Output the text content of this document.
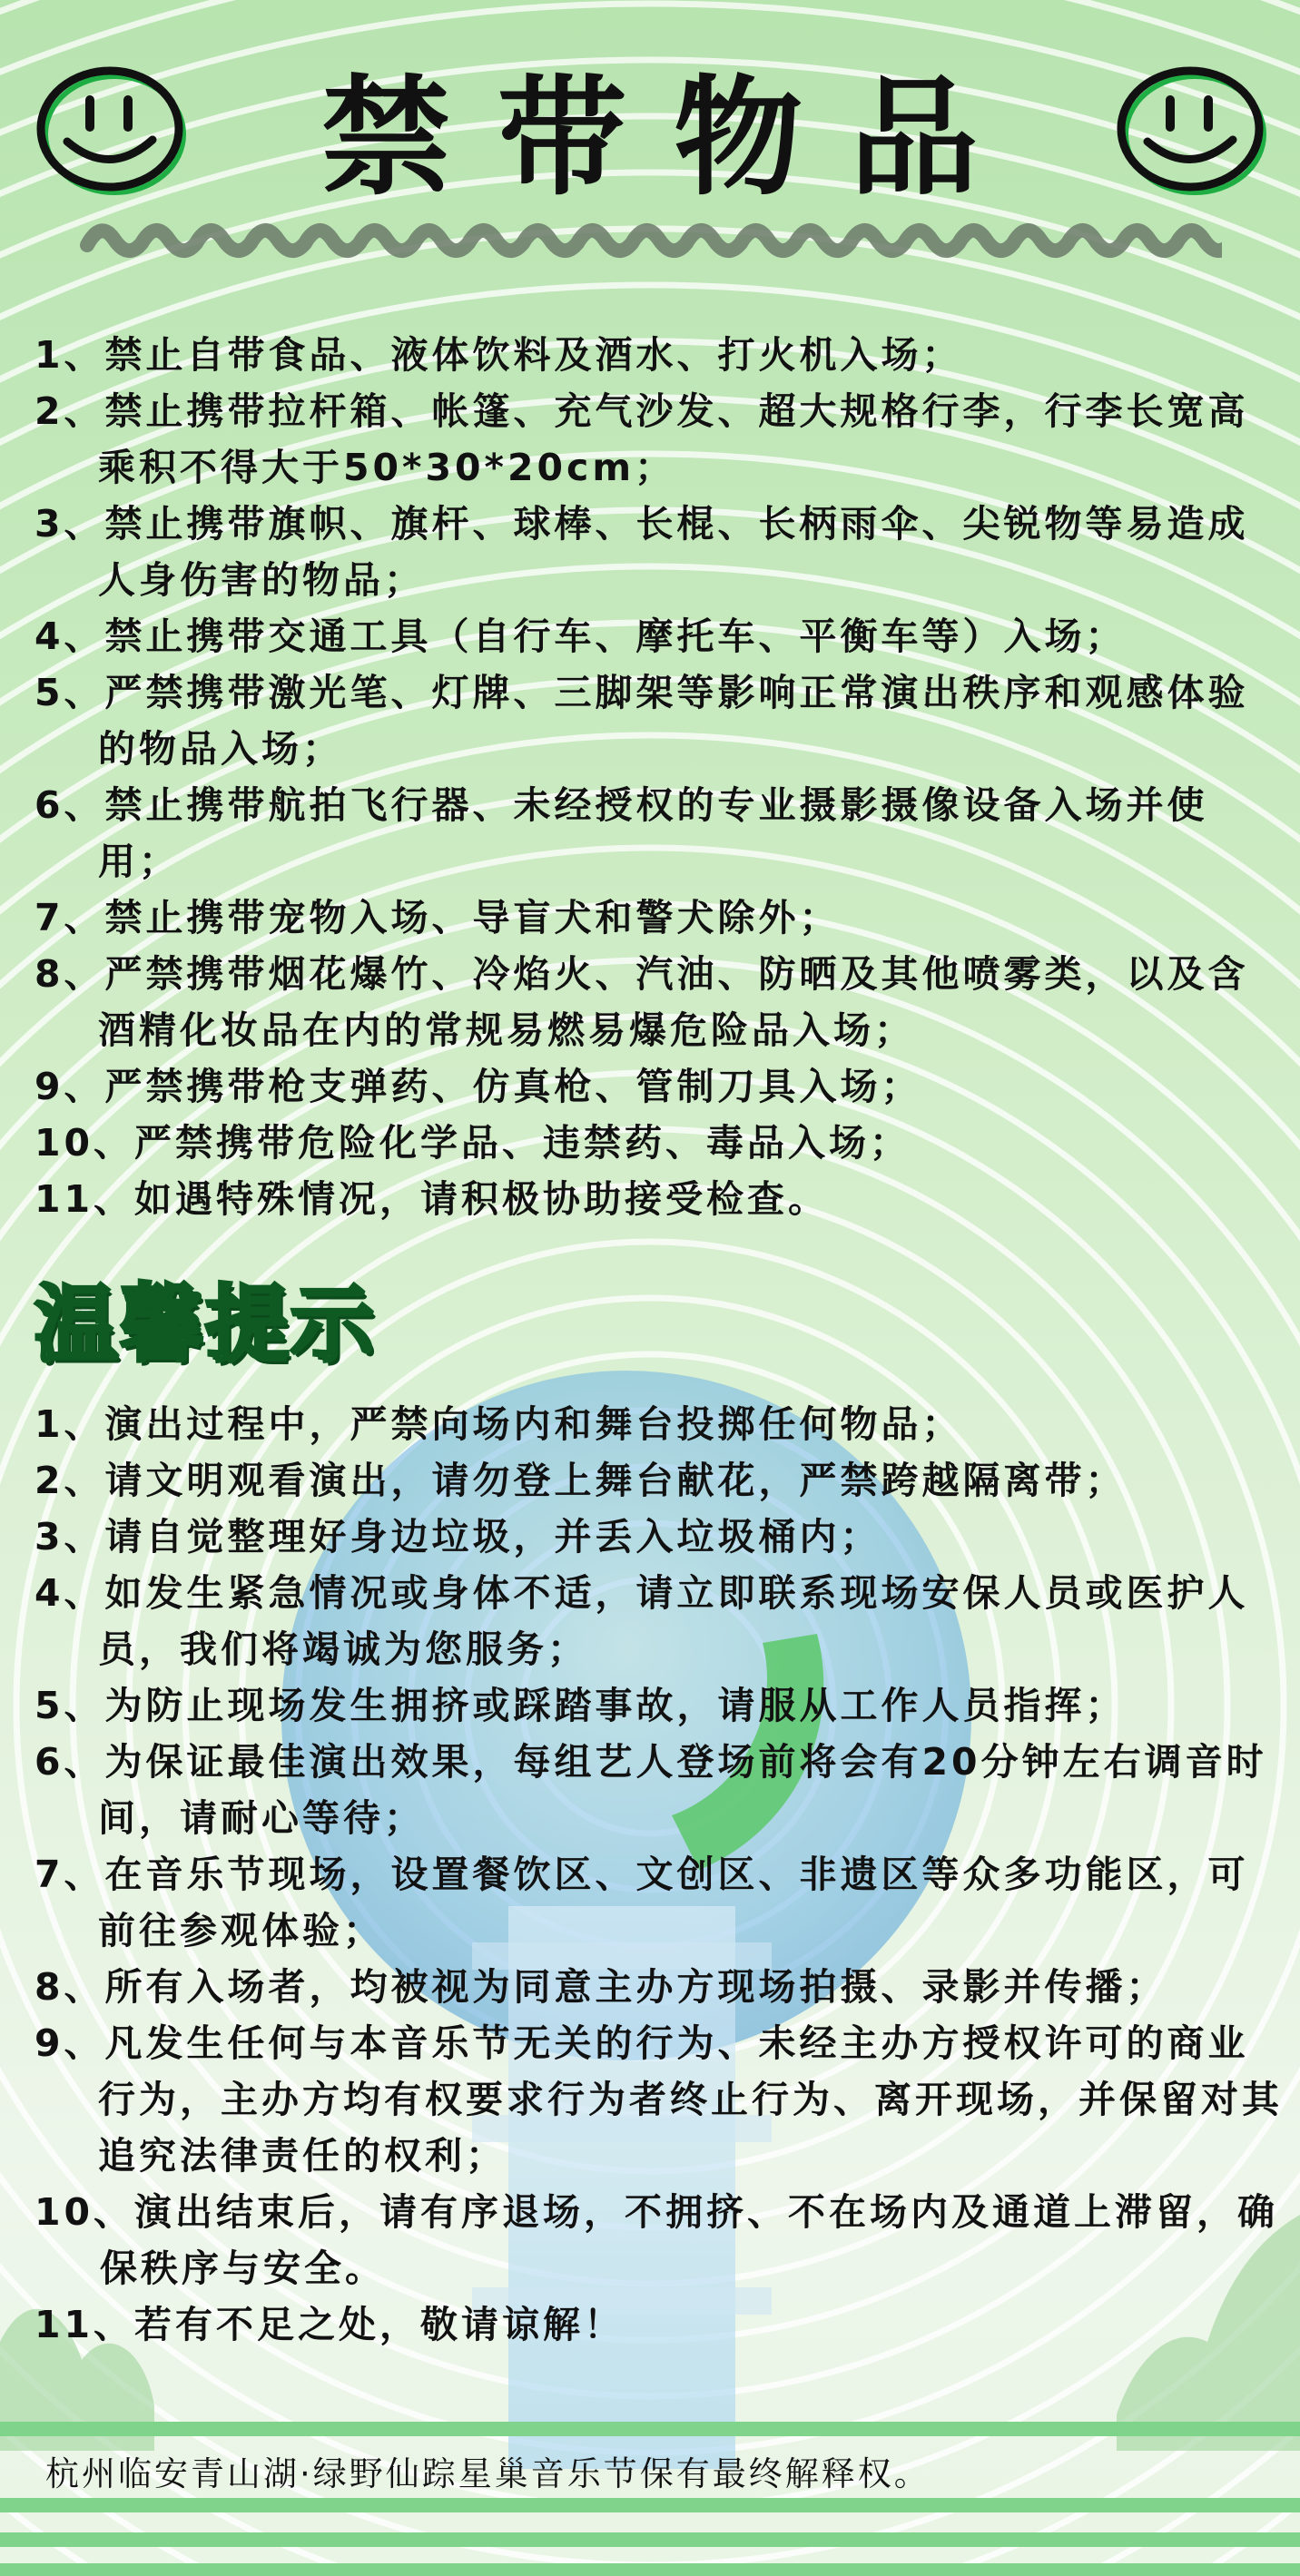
禁带物品
1、禁止自带食品、液体饮料及酒水、打火机入场；
2、禁止携带拉杆箱、帐篷、充气沙发、超大规格行李，行李长宽高乘积不得大于50*30*20cm；
3、禁止携带旗帜、旗杆、球棒、长棍、长柄雨伞、尖锐物等易造成人身伤害的物品；
4、禁止携带交通工具（自行车、摩托车、平衡车等）入场；
5、严禁携带激光笔、灯牌、三脚架等影响正常演出秩序和观感体验的物品入场；
6、禁止携带航拍飞行器、未经授权的专业摄影摄像设备入场并使用；
7、禁止携带宠物入场、导盲犬和警犬除外；
8、严禁携带烟花爆竹、冷焰火、汽油、防晒及其他喷雾类，以及含酒精化妆品在内的常规易燃易爆危险品入场；
9、严禁携带枪支弹药、仿真枪、管制刀具入场；
10、严禁携带危险化学品、违禁药、毒品入场；
11、如遇特殊情况，请积极协助接受检查。
温馨提示
1、演出过程中，严禁向场内和舞台投掷任何物品；
2、请文明观看演出，请勿登上舞台献花，严禁跨越隔离带；
3、请自觉整理好身边垃圾，并丢入垃圾桶内；
4、如发生紧急情况或身体不适，请立即联系现场安保人员或医护人员，我们将竭诚为您服务；
5、为防止现场发生拥挤或踩踏事故，请服从工作人员指挥；
6、为保证最佳演出效果，每组艺人登场前将会有20分钟左右调音时间，请耐心等待；
7、在音乐节现场，设置餐饮区、文创区、非遗区等众多功能区，可前往参观体验；
8、所有入场者，均被视为同意主办方现场拍摄、录影并传播；
9、凡发生任何与本音乐节无关的行为、未经主办方授权许可的商业行为，主办方均有权要求行为者终止行为、离开现场，并保留对其追究法律责任的权利；
10、演出结束后，请有序退场，不拥挤、不在场内及通道上滞留，确保秩序与安全。
11、若有不足之处，敬请谅解！
杭州临安青山湖·绿野仙踪星巢音乐节保有最终解释权。
